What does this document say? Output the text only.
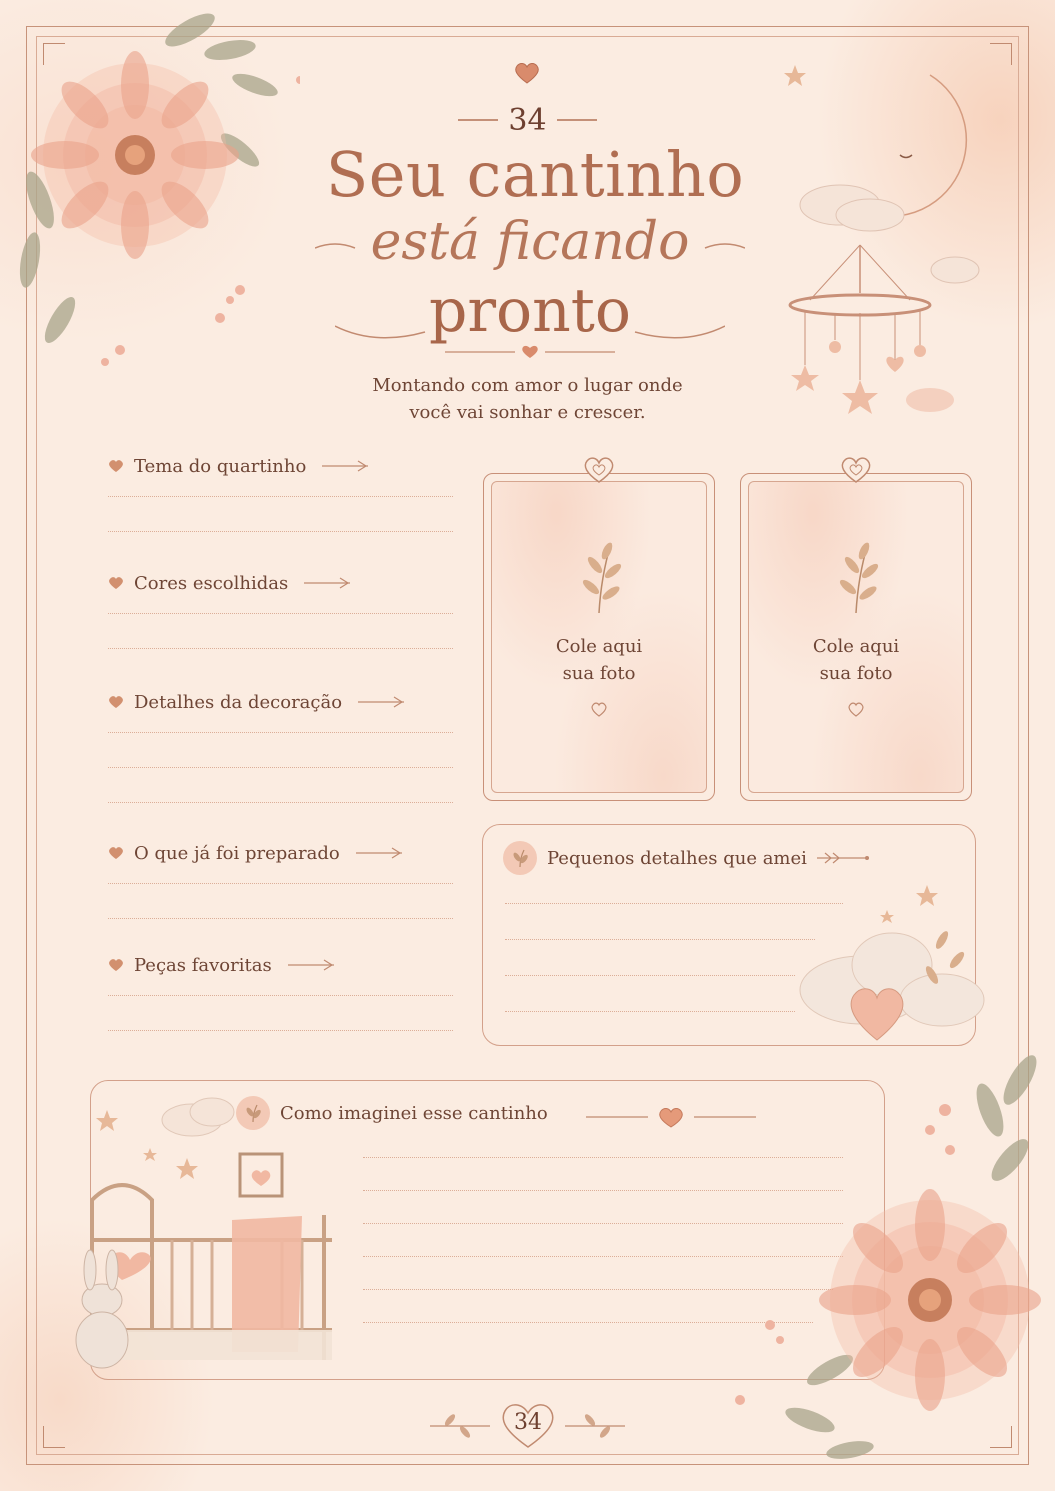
34
Seu cantinho
está ficando
pronto
Montando com amor o lugar onde
você vai sonhar e crescer.
Tema do quartinho
Cores escolhidas
Detalhes da decoração
O que já foi preparado
Peças favoritas
Cole aqui
sua foto
Cole aqui
sua foto
Pequenos detalhes que amei
Como imaginei esse cantinho
34
